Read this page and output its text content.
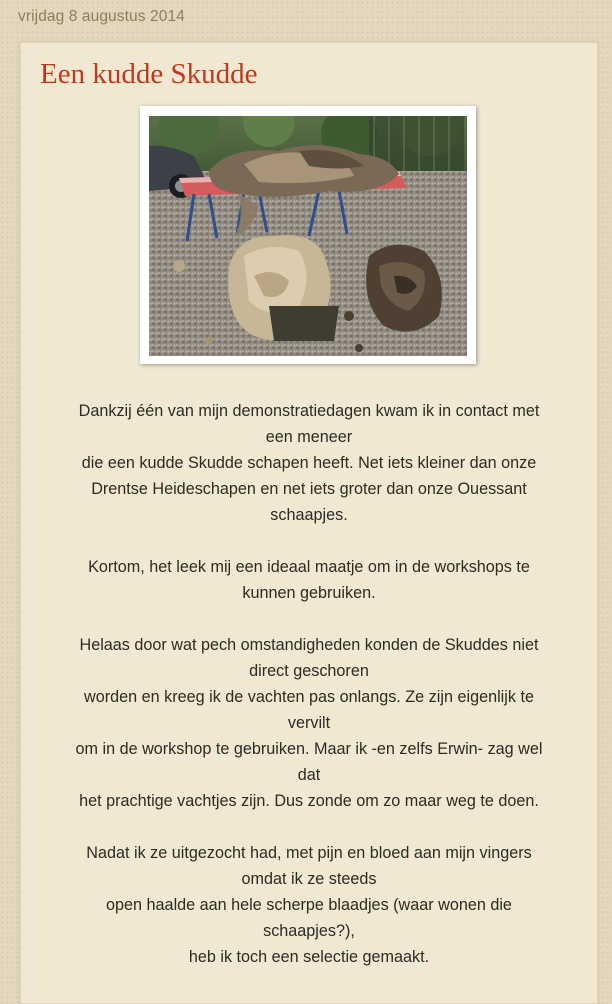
vrijdag 8 augustus 2014
Een kudde Skudde
Dankzij één van mijn demonstratiedagen kwam ik in contact met
een meneer
die een kudde Skudde schapen heeft. Net iets kleiner dan onze
Drentse Heideschapen en net iets groter dan onze Ouessant
schaapjes.
Kortom, het leek mij een ideaal maatje om in de workshops te
kunnen gebruiken.
Helaas door wat pech omstandigheden konden de Skuddes niet
direct geschoren
worden en kreeg ik de vachten pas onlangs. Ze zijn eigenlijk te
vervilt
om in de workshop te gebruiken. Maar ik -en zelfs Erwin- zag wel
dat
het prachtige vachtjes zijn. Dus zonde om zo maar weg te doen.
Nadat ik ze uitgezocht had, met pijn en bloed aan mijn vingers
omdat ik ze steeds
open haalde aan hele scherpe blaadjes (waar wonen die
schaapjes?),
heb ik toch een selectie gemaakt.
